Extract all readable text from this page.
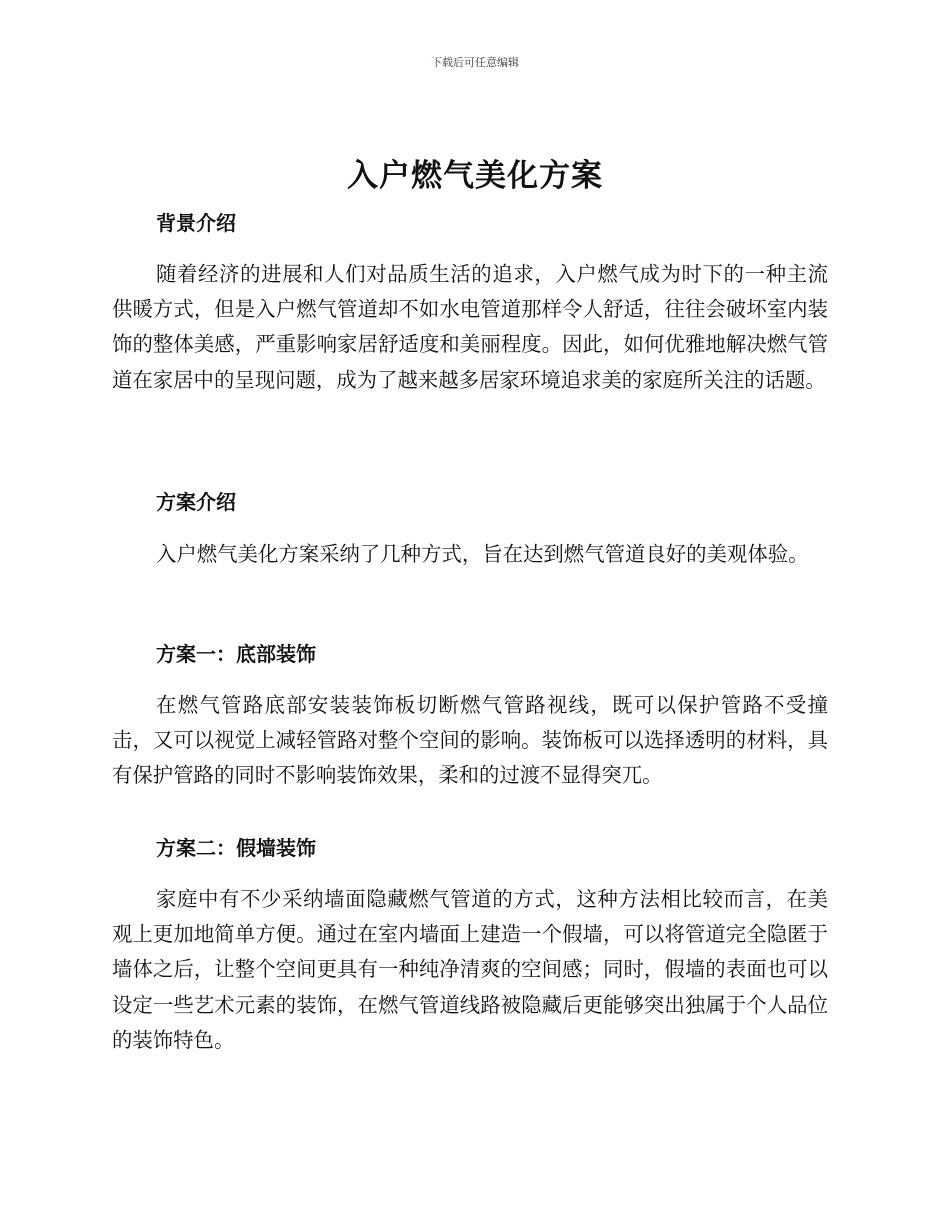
下载后可任意编辑
入户燃气美化方案
背景介绍

随着经济的进展和人们对品质生活的追求，入户燃气成为时下的一种主流供暖方式，但是入户燃气管道却不如水电管道那样令人舒适，往往会破坏室内装饰的整体美感，严重影响家居舒适度和美丽程度。因此，如何优雅地解决燃气管道在家居中的呈现问题，成为了越来越多居家环境追求美的家庭所关注的话题。

方案介绍

入户燃气美化方案采纳了几种方式，旨在达到燃气管道良好的美观体验。

方案一：底部装饰

在燃气管路底部安装装饰板切断燃气管路视线，既可以保护管路不受撞击，又可以视觉上减轻管路对整个空间的影响。装饰板可以选择透明的材料，具有保护管路的同时不影响装饰效果，柔和的过渡不显得突兀。

方案二：假墙装饰

家庭中有不少采纳墙面隐藏燃气管道的方式，这种方法相比较而言，在美观上更加地简单方便。通过在室内墙面上建造一个假墙，可以将管道完全隐匿于墙体之后，让整个空间更具有一种纯净清爽的空间感；同时，假墙的表面也可以设定一些艺术元素的装饰，在燃气管道线路被隐藏后更能够突出独属于个人品位的装饰特色。
